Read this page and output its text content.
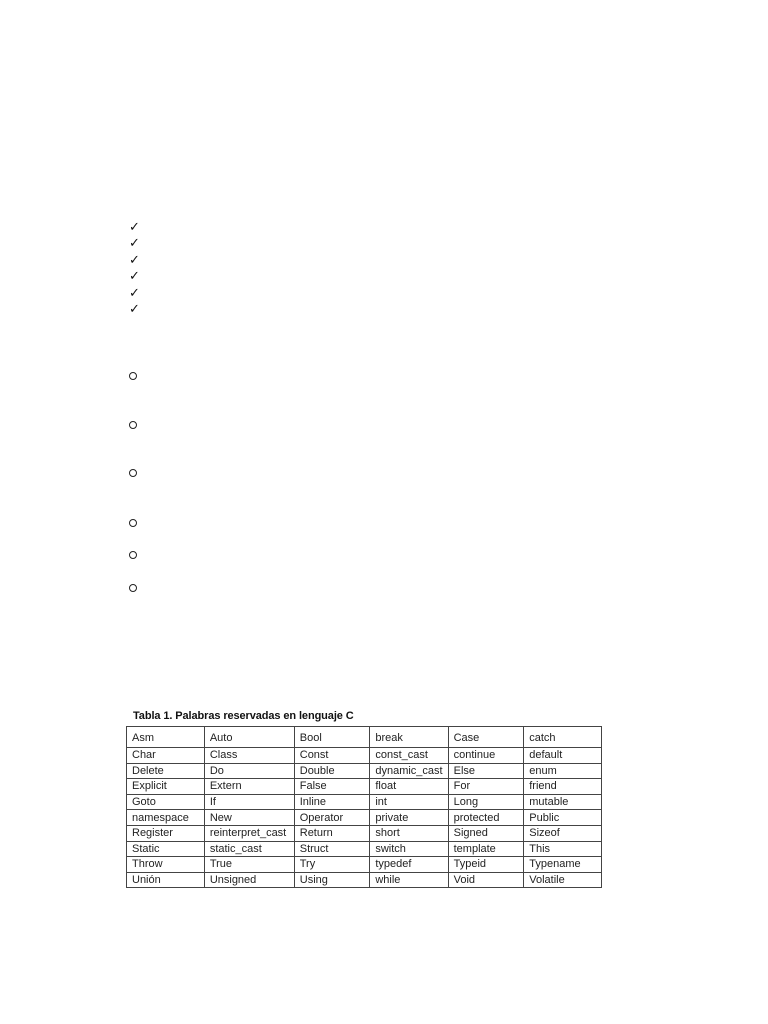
✓
✓
✓
✓
✓
✓
Tabla 1. Palabras reservadas en lenguaje C
Asm	Auto	Bool	break	Case	catch
Char	Class	Const	const_cast	continue	default
Delete	Do	Double	dynamic_cast	Else	enum
Explicit	Extern	False	float	For	friend
Goto	If	Inline	int	Long	mutable
namespace	New	Operator	private	protected	Public
Register	reinterpret_cast	Return	short	Signed	Sizeof
Static	static_cast	Struct	switch	template	This
Throw	True	Try	typedef	Typeid	Typename
Unión	Unsigned	Using	while	Void	Volatile
